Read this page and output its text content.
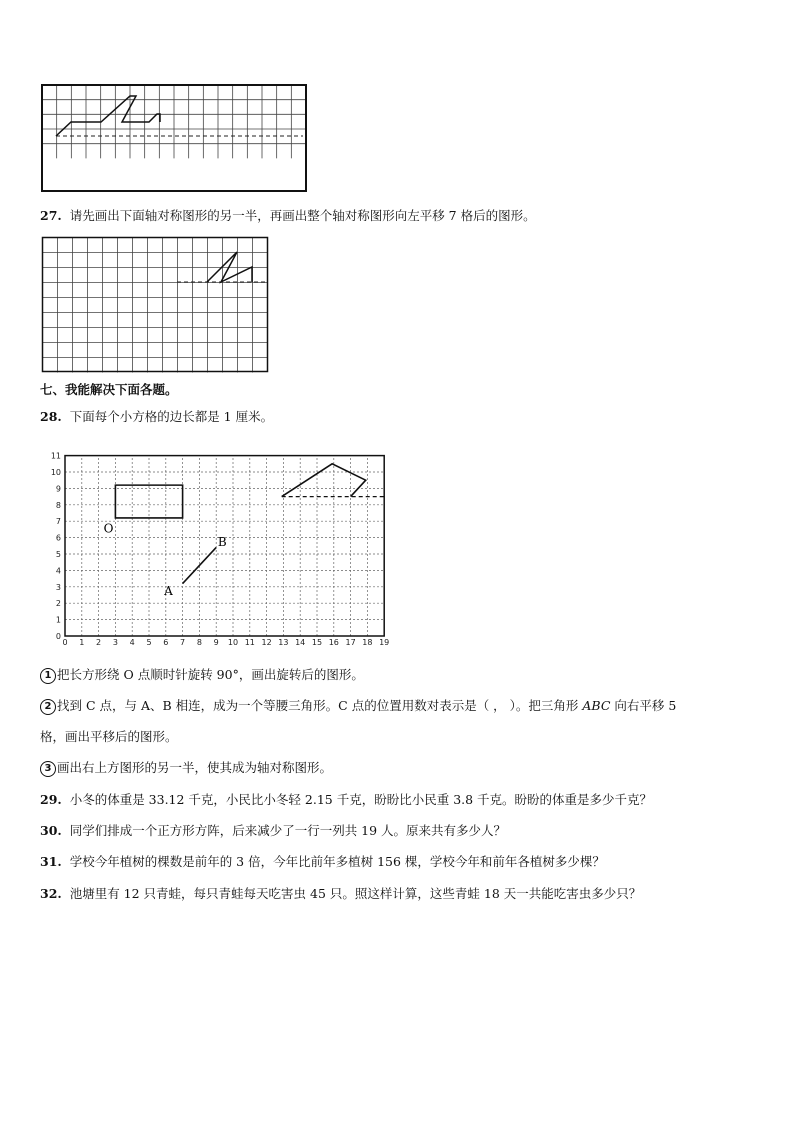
27. 请先画出下面轴对称图形的另一半，再画出整个轴对称图形向左平移 7 格后的图形。
七、我能解决下面各题。
28. 下面每个小方格的边长都是 1 厘米。
0 1 2 3 4 5 6 7 8 9 10 11 12 13 14 15 16 17 18 19
0
1
2
3
4
5
6
7
8
9
10
11
O
A
B
1 把长方形绕 O 点顺时针旋转 90°，画出旋转后的图形。
2 找到 C 点，与 A、B 相连，成为一个等腰三角形。C 点的位置用数对表示是（ ， ）。把三角形 ABC 向右平移 5
格，画出平移后的图形。
3 画出右上方图形的另一半，使其成为轴对称图形。
29. 小冬的体重是 33.12 千克，小民比小冬轻 2.15 千克，盼盼比小民重 3.8 千克。盼盼的体重是多少千克？
30. 同学们排成一个正方形方阵，后来减少了一行一列共 19 人。原来共有多少人？
31. 学校今年植树的棵数是前年的 3 倍，今年比前年多植树 156 棵，学校今年和前年各植树多少棵？
32. 池塘里有 12 只青蛙，每只青蛙每天吃害虫 45 只。照这样计算，这些青蛙 18 天一共能吃害虫多少只？
